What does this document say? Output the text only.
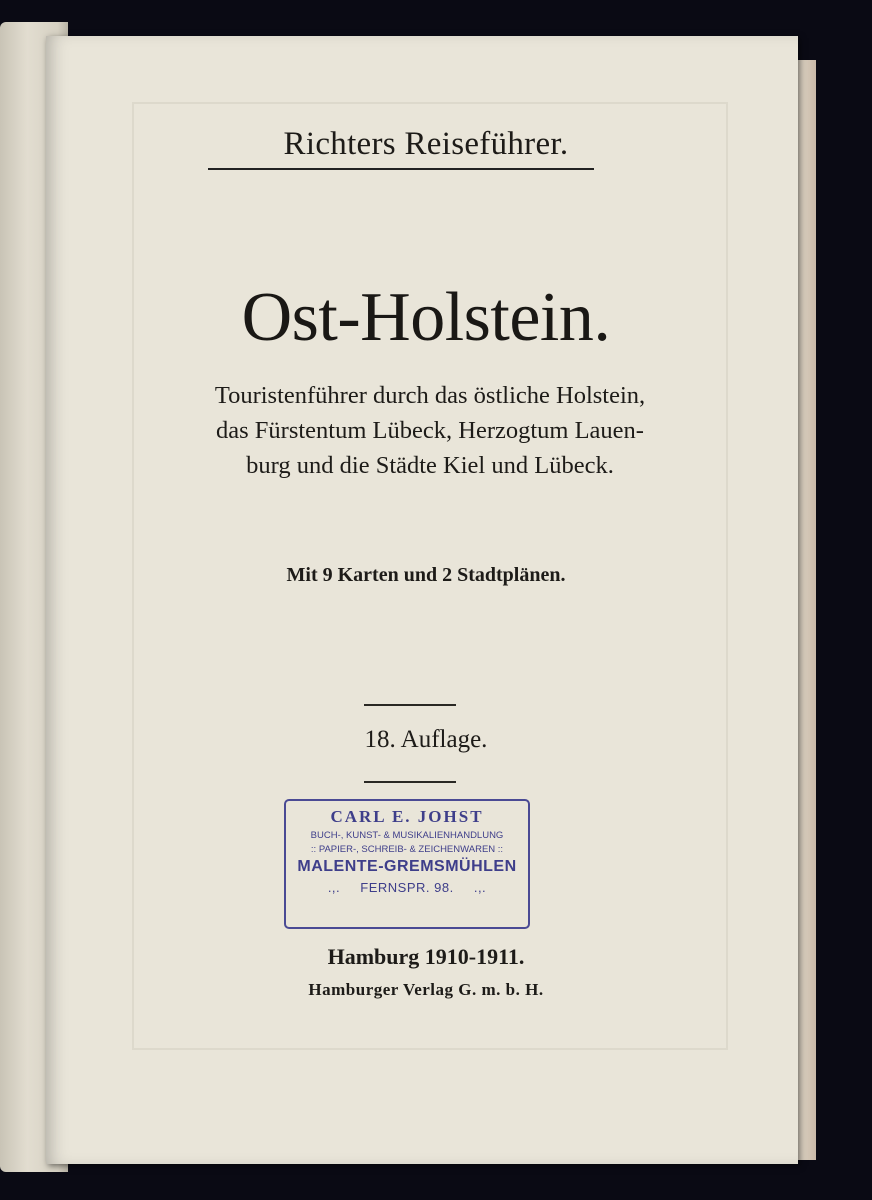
Richters Reiseführer.
Ost-Holstein.
Touristenführer durch das östliche Holstein,
das Fürstentum Lübeck, Herzogtum Lauen-
burg und die Städte Kiel und Lübeck.
Mit 9 Karten und 2 Stadtplänen.
18. Auflage.
CARL E. JOHST
BUCH-, KUNST- & MUSIKALIENHANDLUNG
:: PAPIER-, SCHREIB- & ZEICHENWAREN ::
MALENTE-GREMSMÜHLEN
.,. FERNSPR. 98. .,.
Hamburg 1910-1911.
Hamburger Verlag G. m. b. H.
